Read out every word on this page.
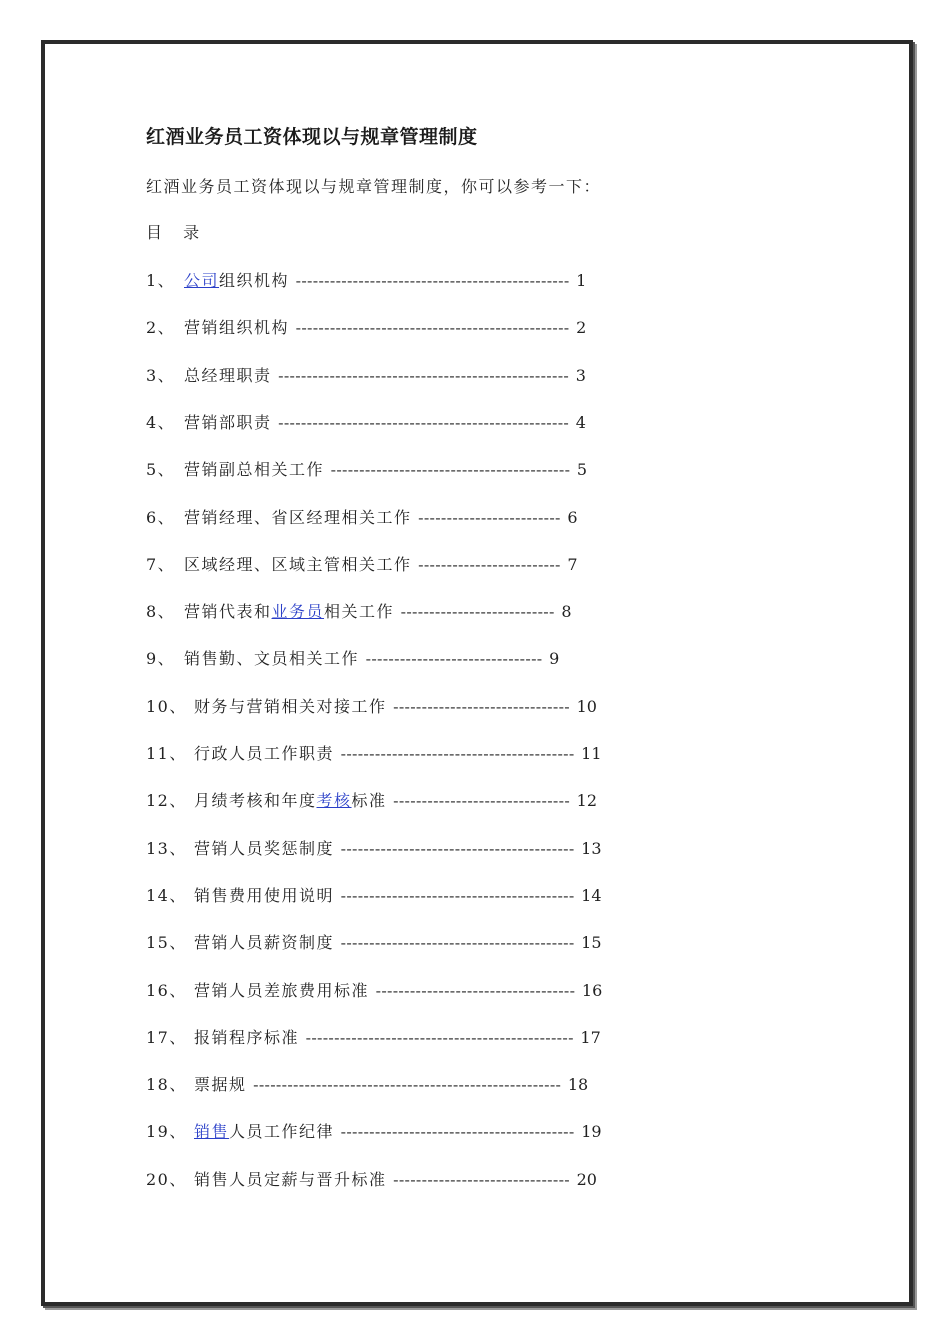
红酒业务员工资体现以与规章管理制度
红酒业务员工资体现以与规章管理制度，你可以参考一下：
目 录
1、 公司组织机构 ------------------------------------------------ 1
2、 营销组织机构 ------------------------------------------------ 2
3、 总经理职责 --------------------------------------------------- 3
4、 营销部职责 --------------------------------------------------- 4
5、 营销副总相关工作 ------------------------------------------ 5
6、 营销经理、省区经理相关工作 ------------------------- 6
7、 区域经理、区域主管相关工作 ------------------------- 7
8、 营销代表和业务员相关工作 --------------------------- 8
9、 销售勤、文员相关工作 ------------------------------- 9
10、 财务与营销相关对接工作 ------------------------------- 10
11、 行政人员工作职责 ----------------------------------------- 11
12、 月绩考核和年度考核标准 ------------------------------- 12
13、 营销人员奖惩制度 ----------------------------------------- 13
14、 销售费用使用说明 ----------------------------------------- 14
15、 营销人员薪资制度 ----------------------------------------- 15
16、 营销人员差旅费用标准 ----------------------------------- 16
17、 报销程序标准 ----------------------------------------------- 17
18、 票据规 ------------------------------------------------------ 18
19、 销售人员工作纪律 ----------------------------------------- 19
20、 销售人员定薪与晋升标准 ------------------------------- 20
